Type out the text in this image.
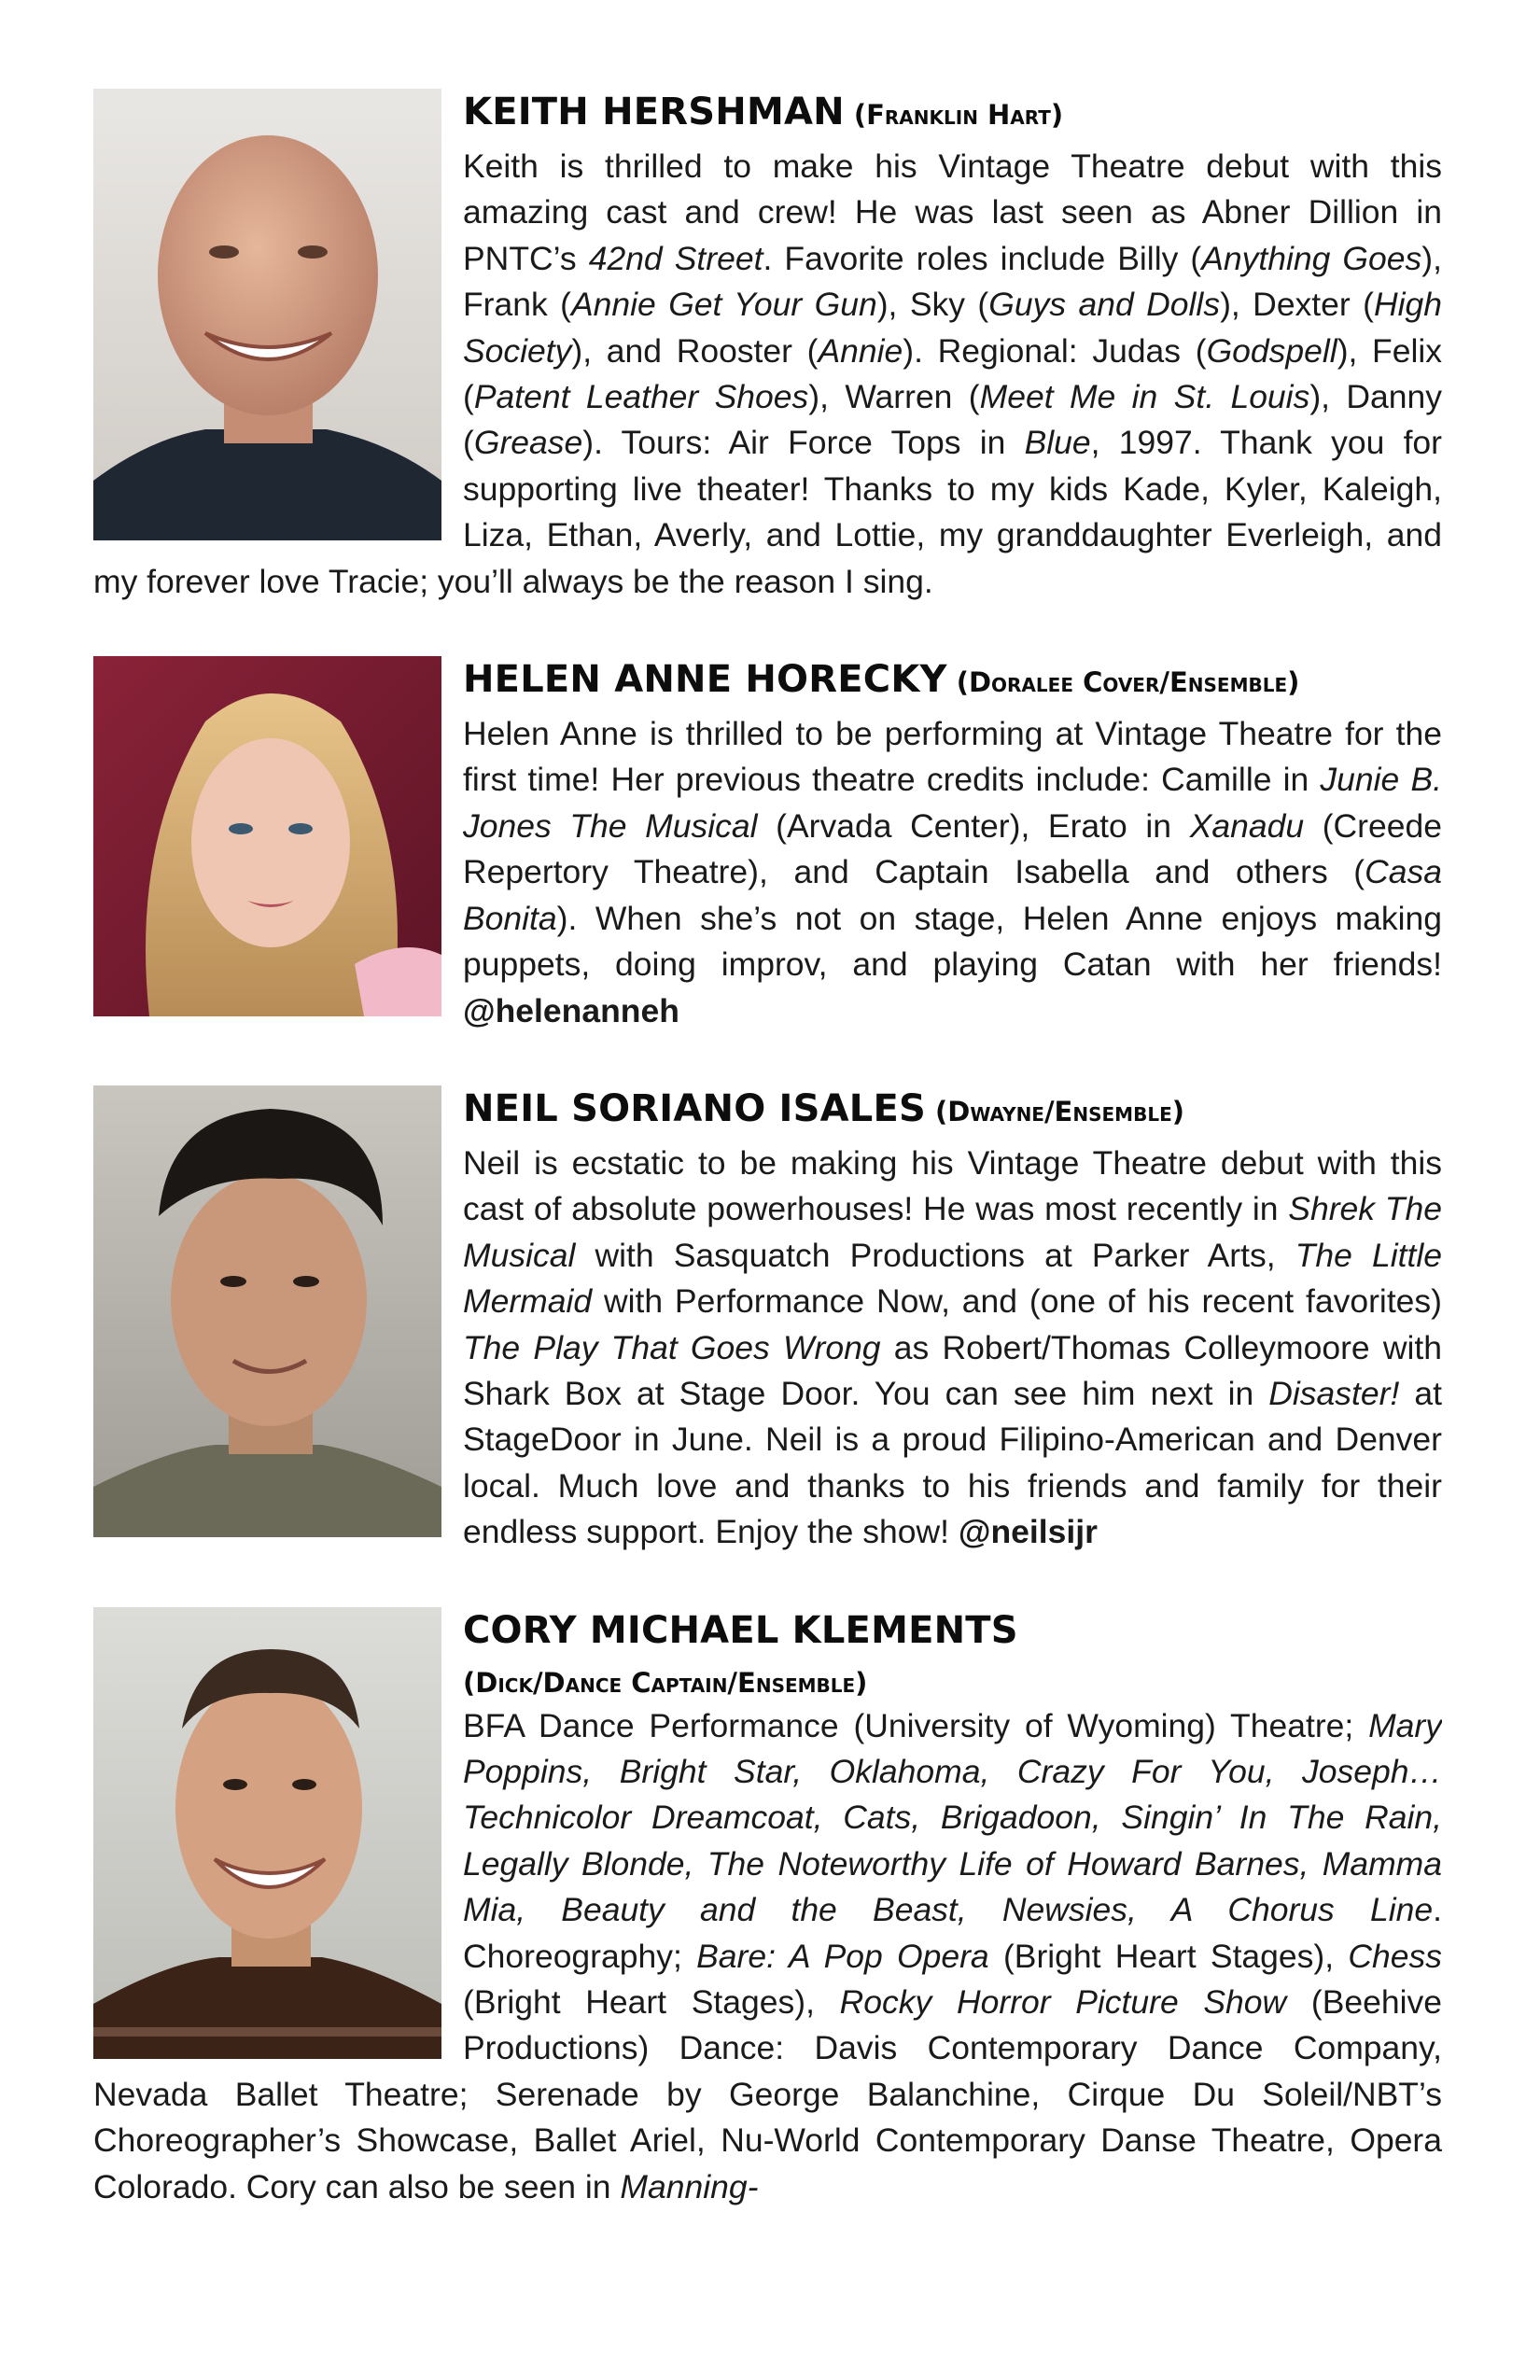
KEITH HERSHMAN (Franklin Hart)

Keith is thrilled to make his Vintage Theatre debut with this amazing cast and crew! He was last seen as Abner Dillion in PNTC’s 42nd Street. Favorite roles include Billy (Anything Goes), Frank (Annie Get Your Gun), Sky (Guys and Dolls), Dexter (High Society), and Rooster (Annie). Regional: Judas (Godspell), Felix (Patent Leather Shoes), Warren (Meet Me in St. Louis), Danny (Grease). Tours: Air Force Tops in Blue, 1997. Thank you for supporting live theater! Thanks to my kids Kade, Kyler, Kaleigh, Liza, Ethan, Averly, and Lottie, my granddaughter Everleigh, and my forever love Tracie; you’ll always be the reason I sing.

HELEN ANNE HORECKY (Doralee Cover/Ensemble)

Helen Anne is thrilled to be performing at Vintage Theatre for the first time! Her previous theatre credits include: Camille in Junie B. Jones The Musical (Arvada Center), Erato in Xanadu (Creede Repertory Theatre), and Captain Isabella and others (Casa Bonita). When she’s not on stage, Helen Anne enjoys making puppets, doing improv, and playing Catan with her friends! @helenanneh

NEIL SORIANO ISALES (Dwayne/Ensemble)

Neil is ecstatic to be making his Vintage Theatre debut with this cast of absolute powerhouses! He was most recently in Shrek The Musical with Sasquatch Productions at Parker Arts, The Little Mermaid with Performance Now, and (one of his recent favorites) The Play That Goes Wrong as Robert/Thomas Colleymoore with Shark Box at Stage Door. You can see him next in Disaster! at StageDoor in June. Neil is a proud Filipino-American and Denver local. Much love and thanks to his friends and family for their endless support. Enjoy the show! @neilsijr

CORY MICHAEL KLEMENTS

(Dick/Dance Captain/Ensemble)

BFA Dance Performance (University of Wyoming) Theatre; Mary Poppins, Bright Star, Oklahoma, Crazy For You, Joseph…Technicolor Dreamcoat, Cats, Brigadoon, Singin’ In The Rain, Legally Blonde, The Noteworthy Life of Howard Barnes, Mamma Mia, Beauty and the Beast, Newsies, A Chorus Line. Choreography; Bare: A Pop Opera (Bright Heart Stages), Chess (Bright Heart Stages), Rocky Horror Picture Show (Beehive Productions) Dance: Davis Contemporary Dance Company, Nevada Ballet Theatre; Serenade by George Balanchine, Cirque Du Soleil/NBT’s Choreographer’s Showcase, Ballet Ariel, Nu-World Contemporary Danse Theatre, Opera Colorado. Cory can also be seen in Manning-
